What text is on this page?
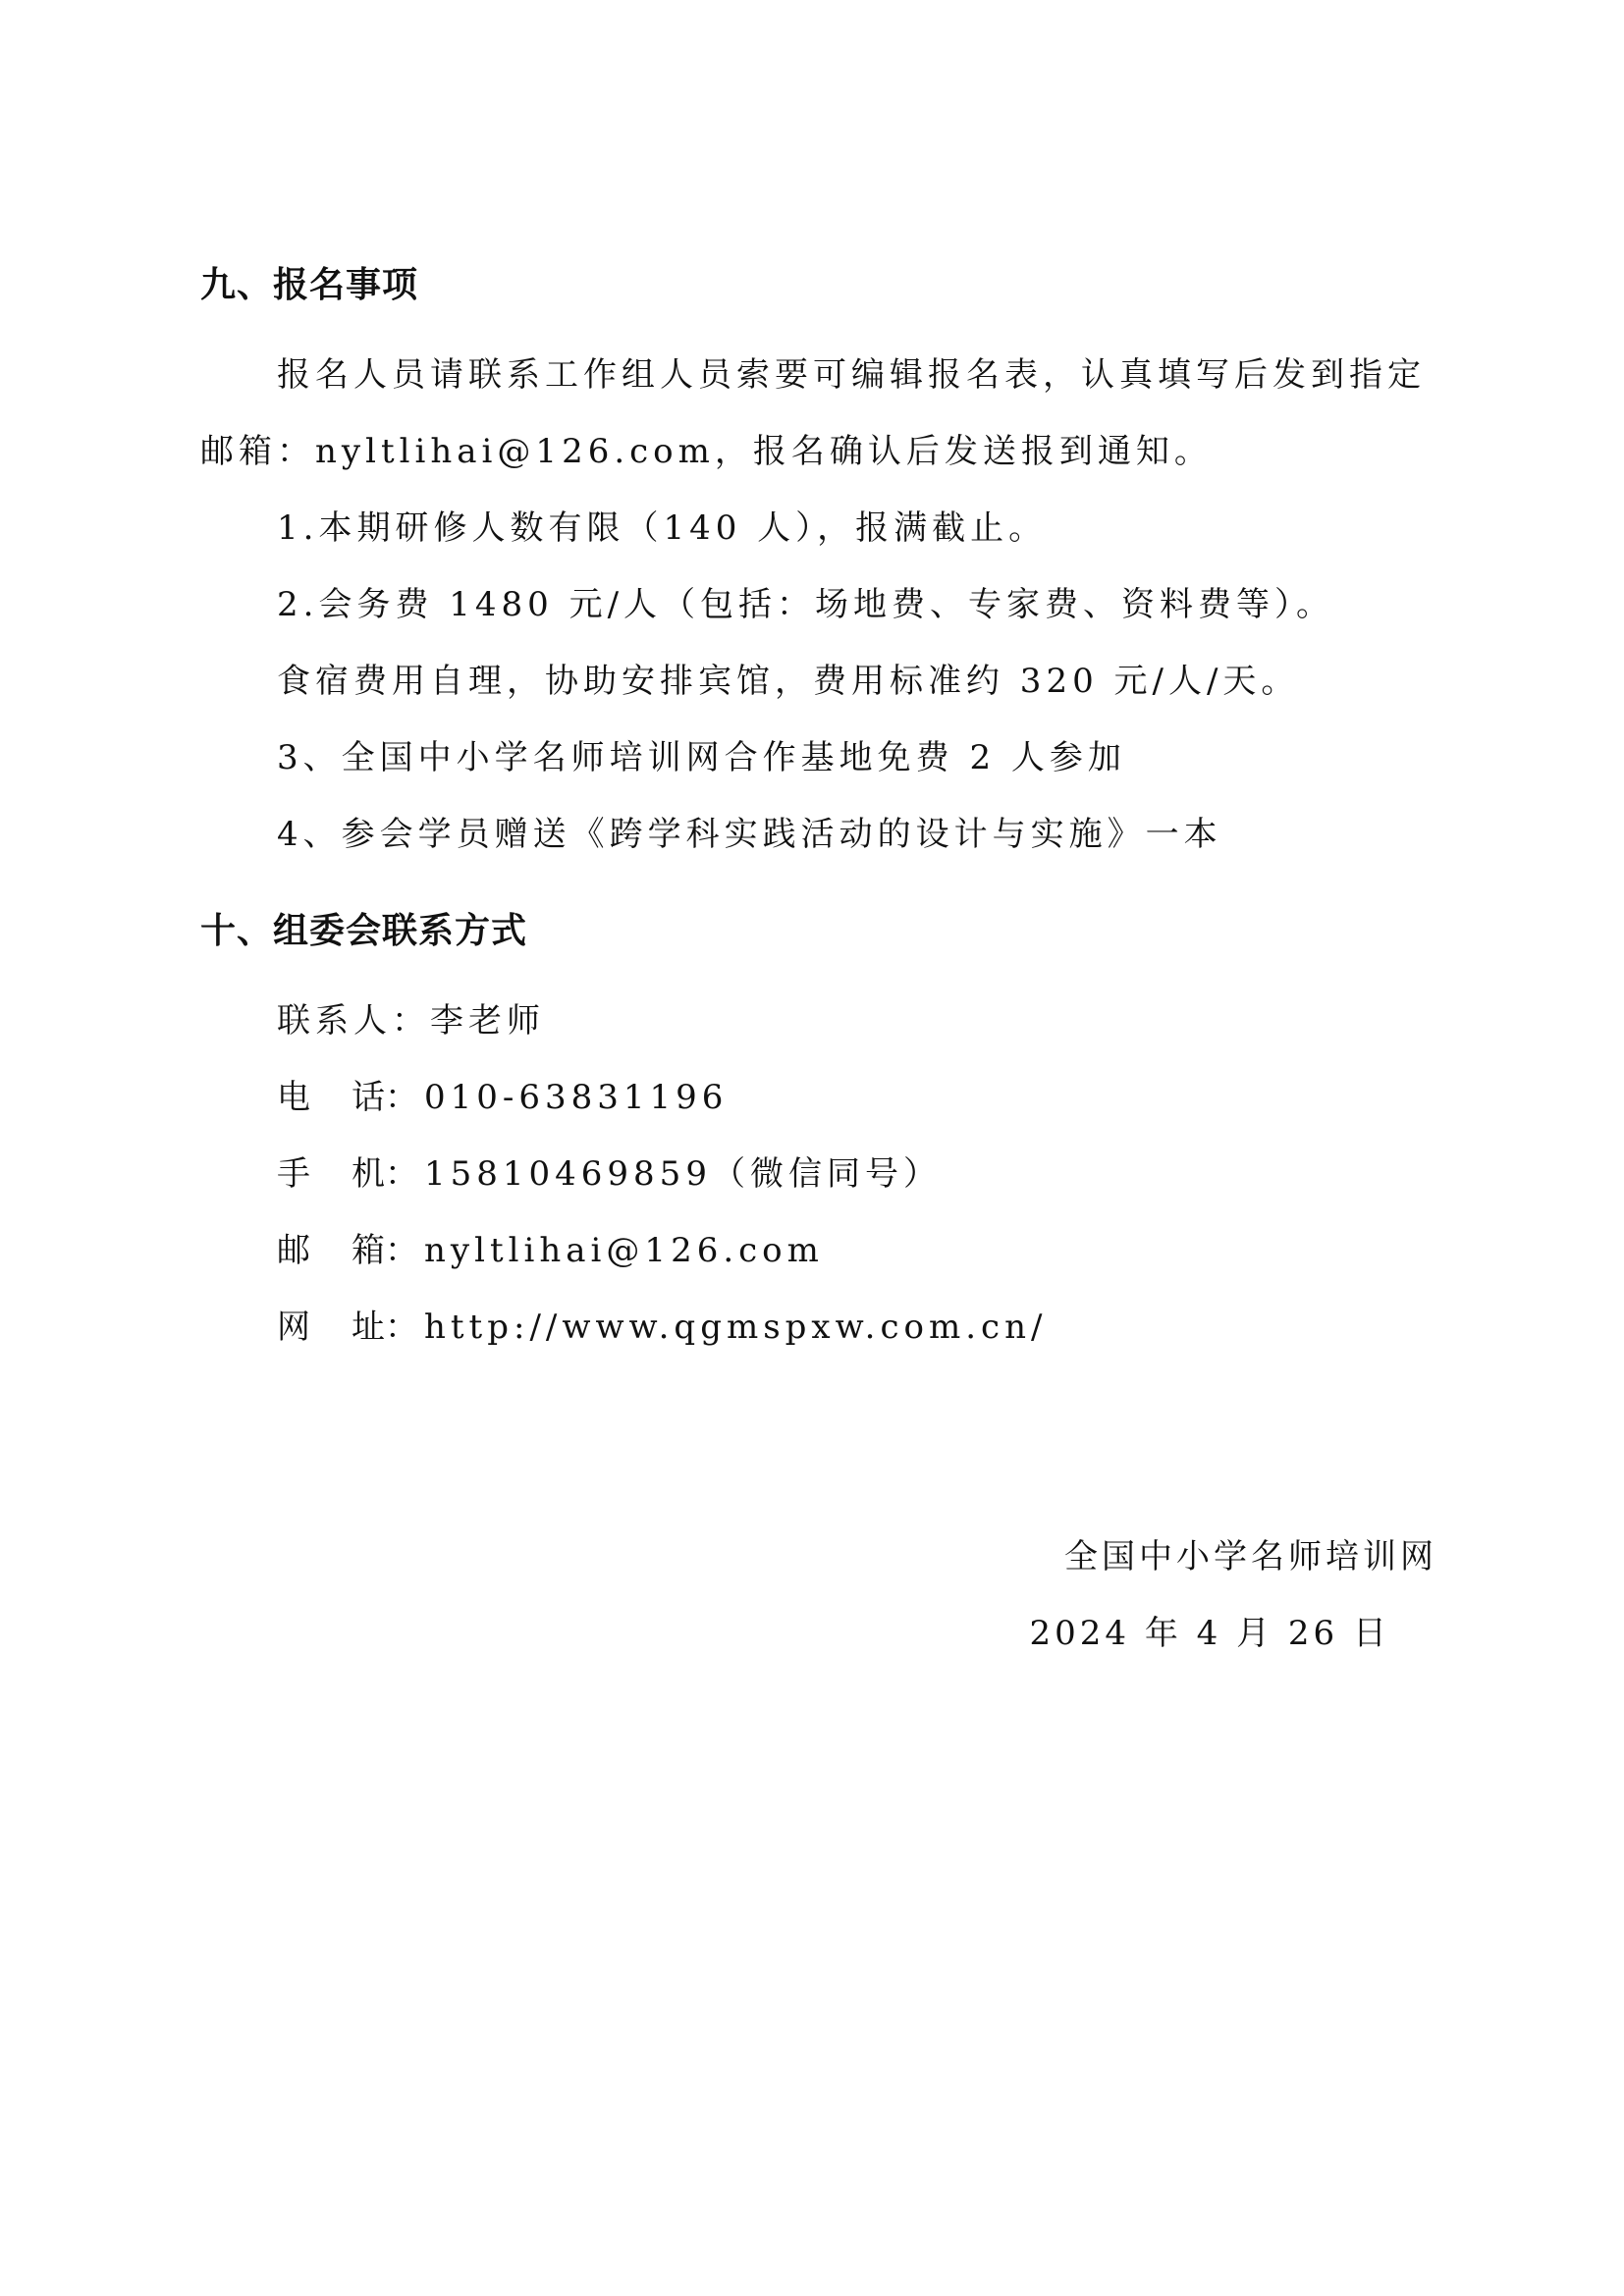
九、报名事项
报名人员请联系工作组人员索要可编辑报名表，认真填写后发到指定
邮箱：nyltlihai@126.com，报名确认后发送报到通知。
1.本期研修人数有限（140 人），报满截止。
2.会务费 1480 元/人（包括：场地费、专家费、资料费等）。
食宿费用自理，协助安排宾馆，费用标准约 320 元/人/天。
3、全国中小学名师培训网合作基地免费 2 人参加
4、参会学员赠送《跨学科实践活动的设计与实施》一本
十、组委会联系方式
联系人：李老师
电 话： 010-63831196
手 机： 15810469859（微信同号）
邮 箱： nyltlihai@126.com
网 址： http://www.qgmspxw.com.cn/
全国中小学名师培训网
2024 年 4 月 26 日
